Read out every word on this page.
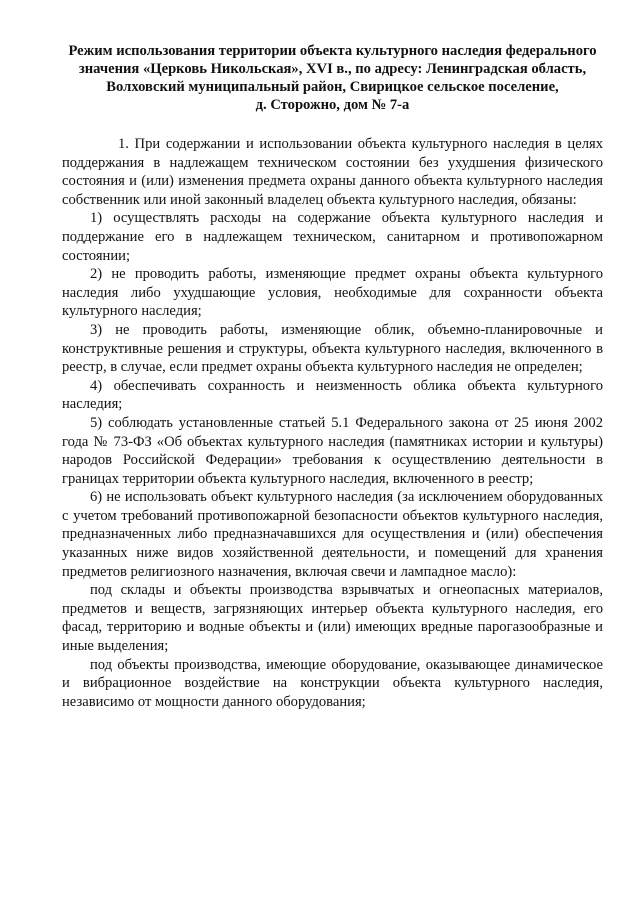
Режим использования территории объекта культурного наследия федерального
значения «Церковь Никольская», XVI в., по адресу: Ленинградская область,
Волховский муниципальный район, Свирицкое сельское поселение,
д. Сторожно, дом № 7-а

1. При содержании и использовании объекта культурного наследия в целях поддержания в надлежащем техническом состоянии без ухудшения физического состояния и (или) изменения предмета охраны данного объекта культурного наследия собственник или иной законный владелец объекта культурного наследия, обязаны:

1) осуществлять расходы на содержание объекта культурного наследия и поддержание его в надлежащем техническом, санитарном и противопожарном состоянии;

2) не проводить работы, изменяющие предмет охраны объекта культурного наследия либо ухудшающие условия, необходимые для сохранности объекта культурного наследия;

3) не проводить работы, изменяющие облик, объемно-планировочные и конструктивные решения и структуры, объекта культурного наследия, включенного в реестр, в случае, если предмет охраны объекта культурного наследия не определен;

4) обеспечивать сохранность и неизменность облика объекта культурного наследия;

5) соблюдать установленные статьей 5.1 Федерального закона от 25 июня 2002 года № 73-ФЗ «Об объектах культурного наследия (памятниках истории и культуры) народов Российской Федерации» требования к осуществлению деятельности в границах территории объекта культурного наследия, включенного в реестр;

6) не использовать объект культурного наследия (за исключением оборудованных с учетом требований противопожарной безопасности объектов культурного наследия, предназначенных либо предназначавшихся для осуществления и (или) обеспечения указанных ниже видов хозяйственной деятельности, и помещений для хранения предметов религиозного назначения, включая свечи и лампадное масло):

под склады и объекты производства взрывчатых и огнеопасных материалов, предметов и веществ, загрязняющих интерьер объекта культурного наследия, его фасад, территорию и водные объекты и (или) имеющих вредные парогазообразные и иные выделения;

под объекты производства, имеющие оборудование, оказывающее динамическое и вибрационное воздействие на конструкции объекта культурного наследия, независимо от мощности данного оборудования;
